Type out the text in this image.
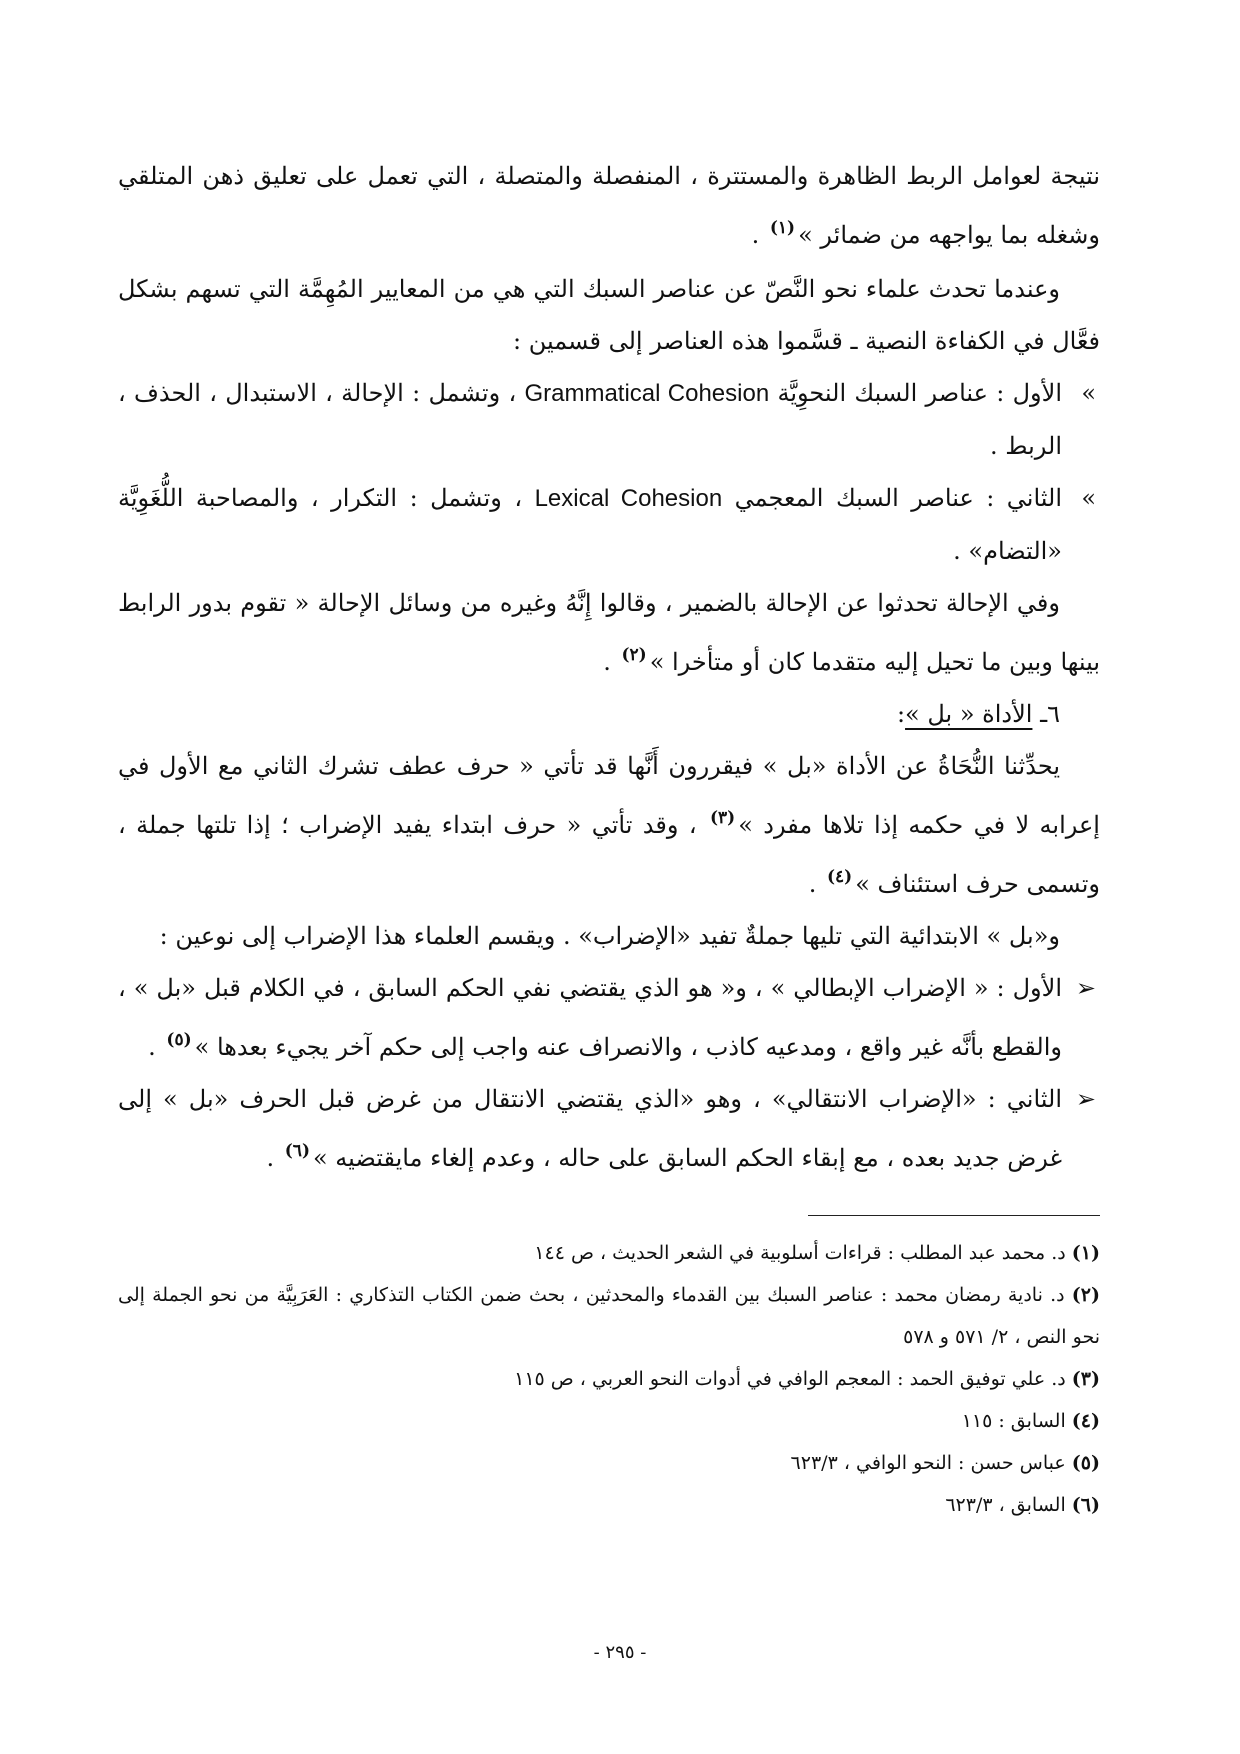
نتيجة لعوامل الربط الظاهرة والمستترة ، المنفصلة والمتصلة ، التي تعمل على تعليق ذهن المتلقي وشغله بما يواجهه من ضمائر »$^{(١)}$ .

وعندما تحدث علماء نحو النَّصّ عن عناصر السبك التي هي من المعايير المُهِمَّة التي تسهم بشكل فعَّال في الكفاءة النصية ـ قسَّموا هذه العناصر إلى قسمين :

»
الأول : عناصر السبك النحوِيَّة Grammatical Cohesion ، وتشمل : الإحالة ، الاستبدال ، الحذف ، الربط .
»
الثاني : عناصر السبك المعجمي Lexical Cohesion ، وتشمل : التكرار ، والمصاحبة اللُّغَوِيَّة «التضام» .

وفي الإحالة تحدثوا عن الإحالة بالضمير ، وقالوا إِنَّهُ وغيره من وسائل الإحالة « تقوم بدور الرابط بينها وبين ما تحيل إليه متقدما كان أو متأخرا »$^{(٢)}$ .

٦ـ الأداة « بل »:

يحدِّثنا النُّحَاةُ عن الأداة «بل » فيقررون أَنَّها قد تأتي « حرف عطف تشرك الثاني مع الأول في إعرابه لا في حكمه إذا تلاها مفرد »$^{(٣)}$ ، وقد تأتي « حرف ابتداء يفيد الإضراب ؛ إذا تلتها جملة ، وتسمى حرف استئناف »$^{(٤)}$ .

و«بل » الابتدائية التي تليها جملةٌ تفيد «الإضراب» . ويقسم العلماء هذا الإضراب إلى نوعين :

➢
الأول : « الإضراب الإبطالي » ، و« هو الذي يقتضي نفي الحكم السابق ، في الكلام قبل «بل » ، والقطع بأنَّه غير واقع ، ومدعيه كاذب ، والانصراف عنه واجب إلى حكم آخر يجيء بعدها »$^{(٥)}$ .
➢
الثاني : «الإضراب الانتقالي» ، وهو «الذي يقتضي الانتقال من غرض قبل الحرف «بل » إلى غرض جديد بعده ، مع إبقاء الحكم السابق على حاله ، وعدم إلغاء مايقتضيه »$^{(٦)}$ .

(١) د. محمد عبد المطلب : قراءات أسلوبية في الشعر الحديث ، ص ١٤٤

(٢) د. نادية رمضان محمد : عناصر السبك بين القدماء والمحدثين ، بحث ضمن الكتاب التذكاري : العَرَبِيَّة من نحو الجملة إلى نحو النص ، ٢/ ٥٧١ و ٥٧٨

(٣) د. علي توفيق الحمد : المعجم الوافي في أدوات النحو العربي ، ص ١١٥

(٤) السابق : ١١٥

(٥) عباس حسن : النحو الوافي ، ٦٢٣/٣

(٦) السابق ، ٦٢٣/٣

- ٢٩٥ -
